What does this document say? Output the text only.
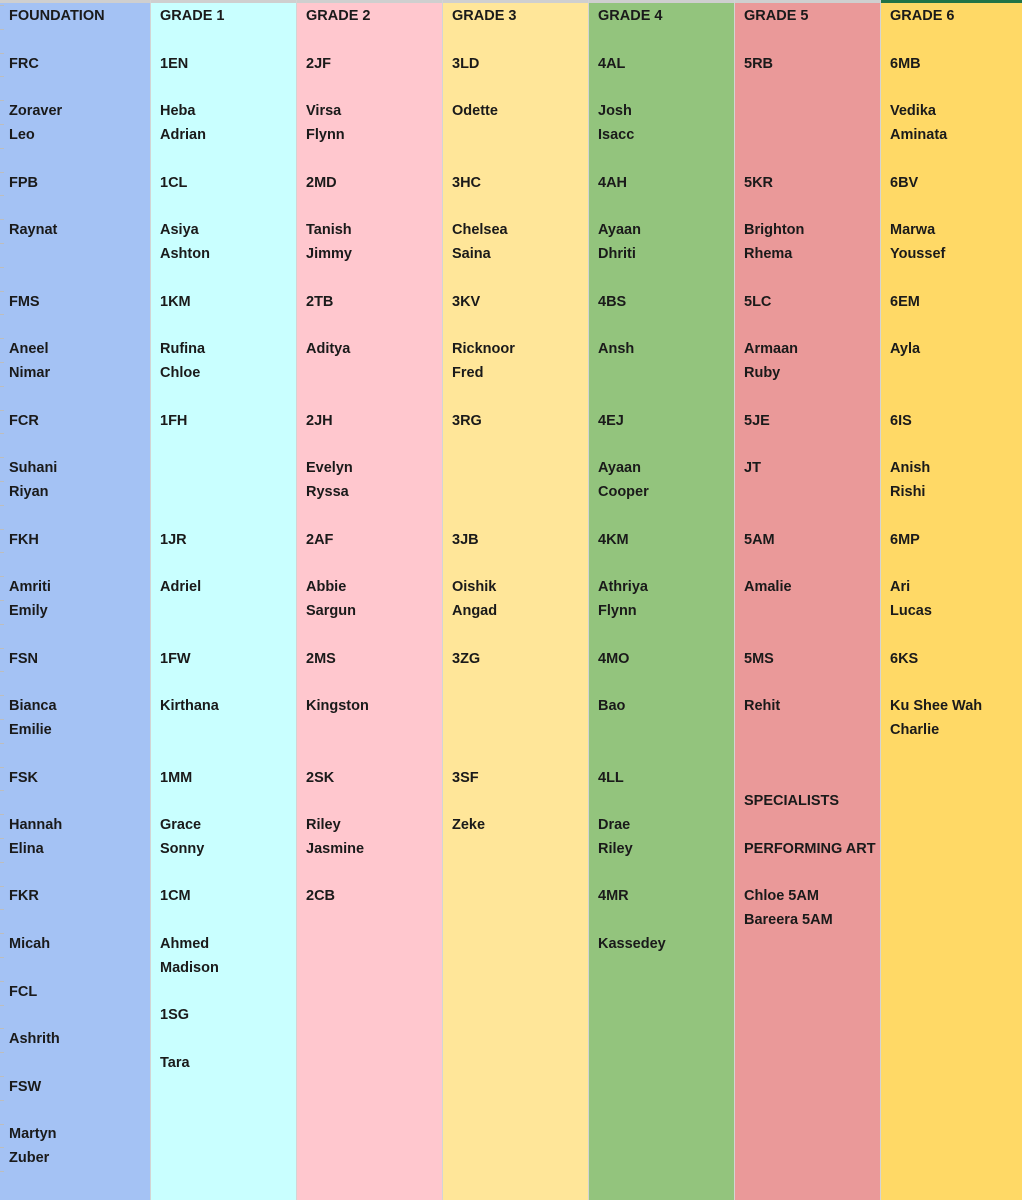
FOUNDATION
FRC
Zoraver
Leo
FPB
Raynat
FMS
Aneel
Nimar
FCR
Suhani
Riyan
FKH
Amriti
Emily
FSN
Bianca
Emilie
FSK
Hannah
Elina
FKR
Micah
FCL
Ashrith
FSW
Martyn
Zuber
GRADE 1
1EN
Heba
Adrian
1CL
Asiya
Ashton
1KM
Rufina
Chloe
1FH
1JR
Adriel
1FW
Kirthana
1MM
Grace
Sonny
1CM
Ahmed
Madison
1SG
Tara
GRADE 2
2JF
Virsa
Flynn
2MD
Tanish
Jimmy
2TB
Aditya
2JH
Evelyn
Ryssa
2AF
Abbie
Sargun
2MS
Kingston
2SK
Riley
Jasmine
2CB
GRADE 3
3LD
Odette
3HC
Chelsea
Saina
3KV
Ricknoor
Fred
3RG
3JB
Oishik
Angad
3ZG
3SF
Zeke
GRADE 4
4AL
Josh
Isacc
4AH
Ayaan
Dhriti
4BS
Ansh
4EJ
Ayaan
Cooper
4KM
Athriya
Flynn
4MO
Bao
4LL
Drae
Riley
4MR
Kassedey
GRADE 5
5RB
5KR
Brighton
Rhema
5LC
Armaan
Ruby
5JE
JT
5AM
Amalie
5MS
Rehit
SPECIALISTS
PERFORMING ART
Chloe 5AM
Bareera 5AM
GRADE 6
6MB
Vedika
Aminata
6BV
Marwa
Youssef
6EM
Ayla
6IS
Anish
Rishi
6MP
Ari
Lucas
6KS
Ku Shee Wah
Charlie
